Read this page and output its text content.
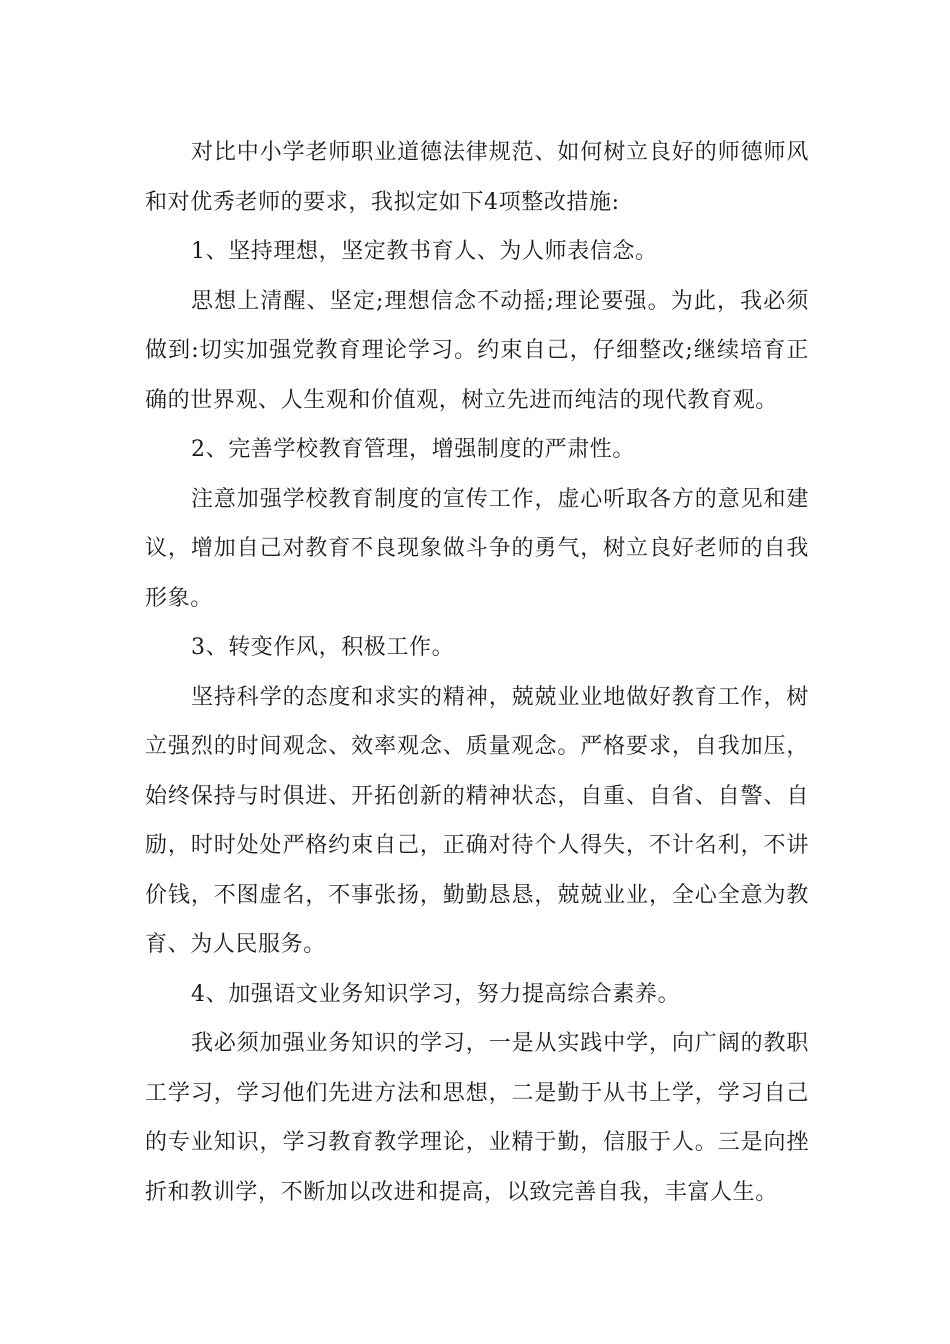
对比中小学老师职业道德法律规范、如何树立良好的师德师风和对优秀老师的要求，我拟定如下4项整改措施:

1、坚持理想，坚定教书育人、为人师表信念。

思想上清醒、坚定;理想信念不动摇;理论要强。为此，我必须做到:切实加强党教育理论学习。约束自己，仔细整改;继续培育正确的世界观、人生观和价值观，树立先进而纯洁的现代教育观。

2、完善学校教育管理，增强制度的严肃性。

注意加强学校教育制度的宣传工作，虚心听取各方的意见和建议，增加自己对教育不良现象做斗争的勇气，树立良好老师的自我形象。

3、转变作风，积极工作。

坚持科学的态度和求实的精神，兢兢业业地做好教育工作，树立强烈的时间观念、效率观念、质量观念。严格要求，自我加压，始终保持与时俱进、开拓创新的精神状态，自重、自省、自警、自励，时时处处严格约束自己，正确对待个人得失，不计名利，不讲价钱，不图虚名，不事张扬，勤勤恳恳，兢兢业业，全心全意为教育、为人民服务。

4、加强语文业务知识学习，努力提高综合素养。

我必须加强业务知识的学习，一是从实践中学，向广阔的教职工学习，学习他们先进方法和思想，二是勤于从书上学，学习自己的专业知识，学习教育教学理论，业精于勤，信服于人。三是向挫折和教训学，不断加以改进和提高，以致完善自我，丰富人生。
